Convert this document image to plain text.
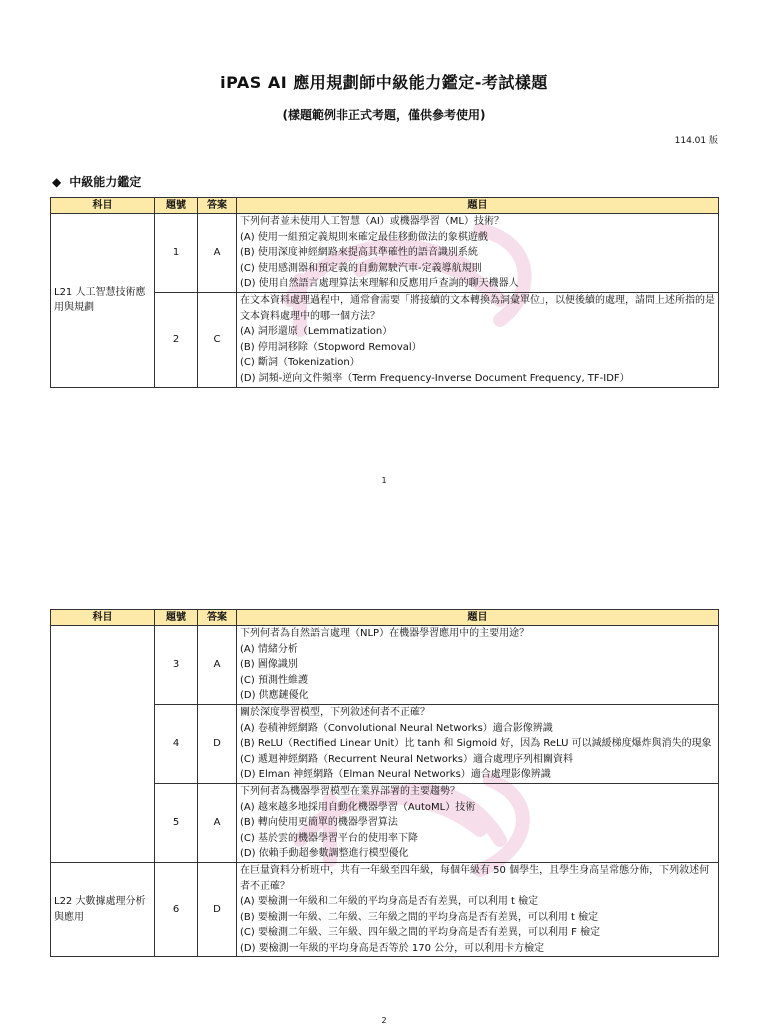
iPAS AI 應用規劃師中級能力鑑定-考試樣題
(樣題範例非正式考題，僅供參考使用)
114.01 版
◆ 中級能力鑑定
科目	題號	答案	題目
L21 人工智慧技術應用與規劃	1	A	下列何者並未使用人工智慧（AI）或機器學習（ML）技術？
(A) 使用一組預定義規則來確定最佳移動做法的象棋遊戲
(B) 使用深度神經網路來提高其準確性的語音識別系統
(C) 使用感測器和預定義的自動駕駛汽車-定義導航規則
(D) 使用自然語言處理算法來理解和反應用戶查詢的聊天機器人

	2	C	在文本資料處理過程中，通常會需要「將接續的文本轉換為詞彙單位」，以便後續的處理，請問上述所指的是文本資料處理中的哪一個方法？
(A) 詞形還原（Lemmatization）
(B) 停用詞移除（Stopword Removal）
(C) 斷詞（Tokenization）
(D) 詞頻-逆向文件頻率（Term Frequency-Inverse Document Frequency, TF-IDF）
1
科目	題號	答案	題目
	3	A	下列何者為自然語言處理（NLP）在機器學習應用中的主要用途？
(A) 情緒分析
(B) 圖像識別
(C) 預測性維護
(D) 供應鏈優化

	4	D	關於深度學習模型，下列敘述何者不正確？
(A) 卷積神經網路（Convolutional Neural Networks）適合影像辨識
(B) ReLU（Rectified Linear Unit）比 tanh 和 Sigmoid 好，因為 ReLU 可以減緩梯度爆炸與消失的現象
(C) 遞迴神經網路（Recurrent Neural Networks）適合處理序列相關資料
(D) Elman 神經網路（Elman Neural Networks）適合處理影像辨識

	5	A	下列何者為機器學習模型在業界部署的主要趨勢？
(A) 越來越多地採用自動化機器學習（AutoML）技術
(B) 轉向使用更簡單的機器學習算法
(C) 基於雲的機器學習平台的使用率下降
(D) 依賴手動超參數調整進行模型優化

L22 大數據處理分析與應用	6	D	在巨量資料分析班中，共有一年級至四年級，每個年級有 50 個學生，且學生身高呈常態分佈，下列敘述何者不正確？
(A) 要檢測一年級和二年級的平均身高是否有差異，可以利用 t 檢定
(B) 要檢測一年級、二年級、三年級之間的平均身高是否有差異，可以利用 t 檢定
(C) 要檢測二年級、三年級、四年級之間的平均身高是否有差異，可以利用 F 檢定
(D) 要檢測一年級的平均身高是否等於 170 公分，可以利用卡方檢定
2
